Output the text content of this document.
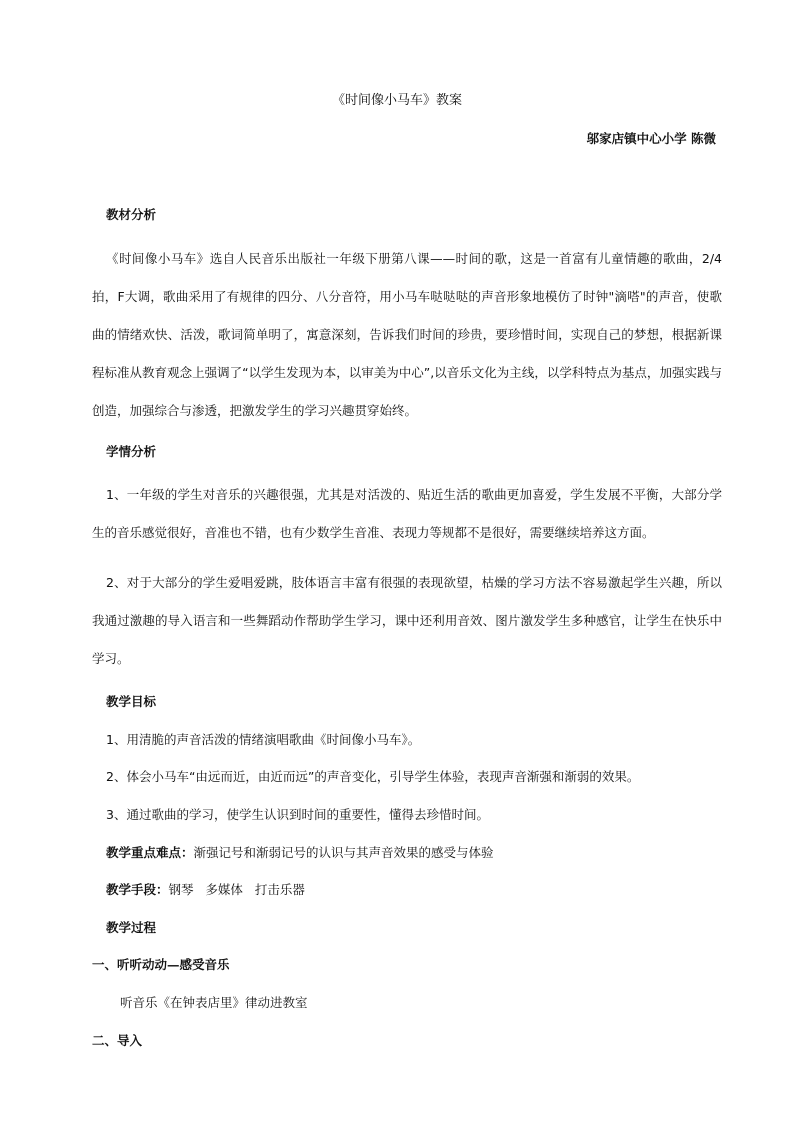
《时间像小马车》教案
邬家店镇中心小学 陈微

教材分析

《时间像小马车》选自人民音乐出版社一年级下册第八课——时间的歌，这是一首富有儿童情趣的歌曲，2/4拍，F大调，歌曲采用了有规律的四分、八分音符，用小马车哒哒哒的声音形象地模仿了时钟"滴嗒"的声音，使歌曲的情绪欢快、活泼，歌词简单明了，寓意深刻，告诉我们时间的珍贵，要珍惜时间，实现自己的梦想，根据新课程标准从教育观念上强调了“以学生发现为本，以审美为中心”,以音乐文化为主线，以学科特点为基点，加强实践与创造，加强综合与渗透，把激发学生的学习兴趣贯穿始终。

学情分析

1、一年级的学生对音乐的兴趣很强，尤其是对活泼的、贴近生活的歌曲更加喜爱，学生发展不平衡，大部分学生的音乐感觉很好，音准也不错，也有少数学生音准、表现力等规都不是很好，需要继续培养这方面。

2、对于大部分的学生爱唱爱跳，肢体语言丰富有很强的表现欲望，枯燥的学习方法不容易激起学生兴趣，所以我通过激趣的导入语言和一些舞蹈动作帮助学生学习，课中还利用音效、图片激发学生多种感官，让学生在快乐中学习。

教学目标

1、用清脆的声音活泼的情绪演唱歌曲《时间像小马车》。

2、体会小马车“由远而近，由近而远”的声音变化，引导学生体验，表现声音渐强和渐弱的效果。

3、通过歌曲的学习，使学生认识到时间的重要性，懂得去珍惜时间。

教学重点难点：渐强记号和渐弱记号的认识与其声音效果的感受与体验

教学手段：钢琴   多媒体   打击乐器

教学过程

一、听听动动—感受音乐

听音乐《在钟表店里》律动进教室

二、导入
